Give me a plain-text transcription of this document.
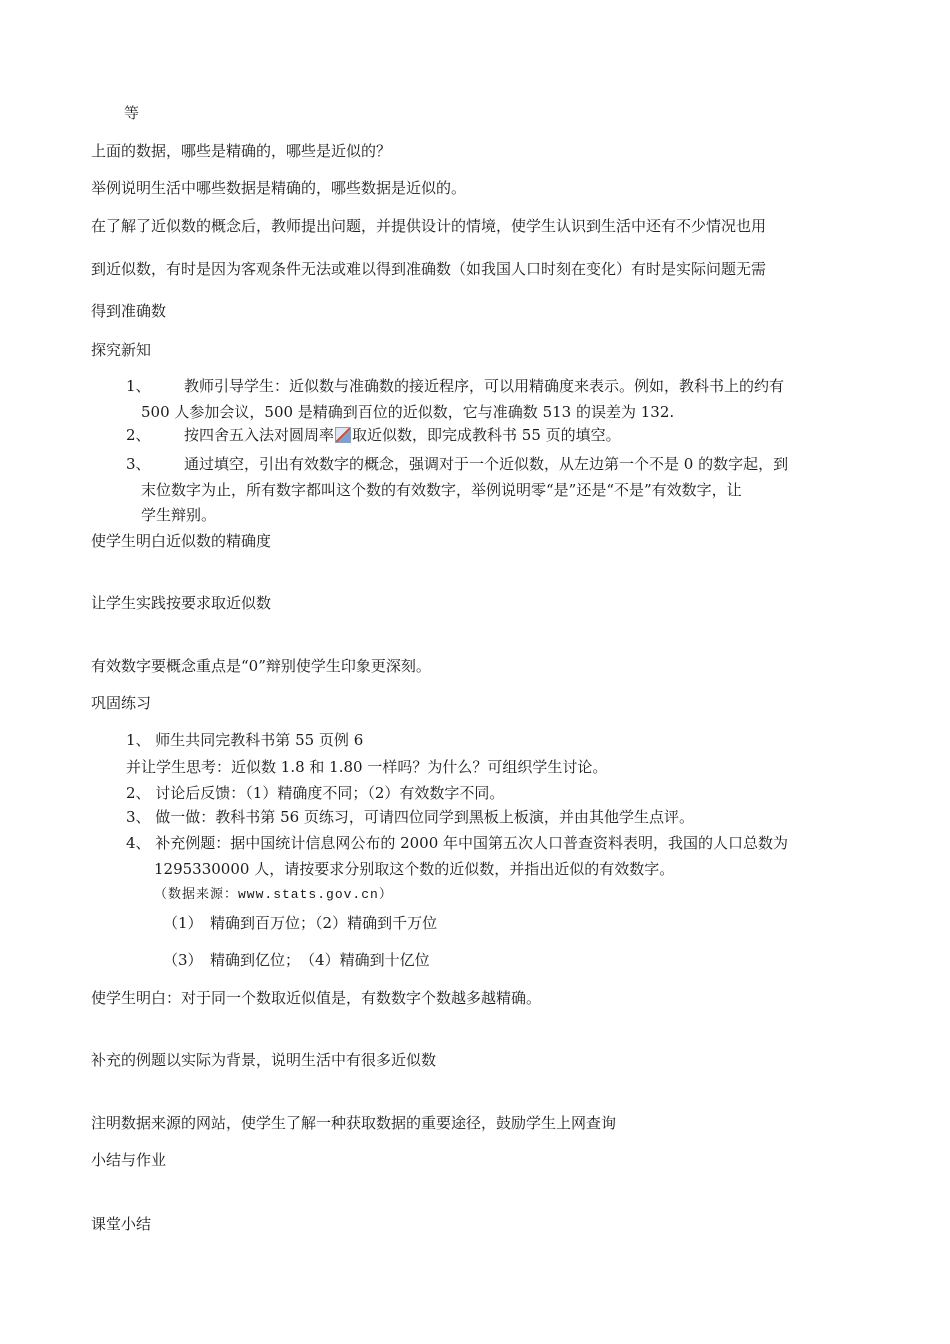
等
上面的数据，哪些是精确的，哪些是近似的？
举例说明生活中哪些数据是精确的，哪些数据是近似的。
在了解了近似数的概念后，教师提出问题，并提供设计的情境，使学生认识到生活中还有不少情况也用
到近似数，有时是因为客观条件无法或难以得到准确数（如我国人口时刻在变化）有时是实际问题无需
得到准确数
探究新知
1、 教师引导学生：近似数与准确数的接近程序，可以用精确度来表示。例如，教科书上的约有
500 人参加会议，500 是精确到百位的近似数，它与准确数 513 的误差为 132.
2、 按四舍五入法对圆周率 取近似数，即完成教科书 55 页的填空。
3、 通过填空，引出有效数字的概念，强调对于一个近似数，从左边第一个不是 0 的数字起，到
末位数字为止，所有数字都叫这个数的有效数字，举例说明零“是”还是“不是”有效数字，让
学生辩别。
使学生明白近似数的精确度
让学生实践按要求取近似数
有效数字要概念重点是“0”辩别使学生印象更深刻。
巩固练习
1、 师生共同完教科书第 55 页例 6
并让学生思考：近似数 1.8 和 1.80 一样吗？为什么？可组织学生讨论。
2、 讨论后反馈：（1）精确度不同；（2）有效数字不同。
3、 做一做：教科书第 56 页练习，可请四位同学到黑板上板演，并由其他学生点评。
4、 补充例题：据中国统计信息网公布的 2000 年中国第五次人口普查资料表明，我国的人口总数为
1295330000 人，请按要求分别取这个数的近似数，并指出近似的有效数字。
（数据来源：www.stats.gov.cn）
（1）　精确到百万位；（2）精确到千万位
（3）　精确到亿位；　（4）精确到十亿位
使学生明白：对于同一个数取近似值是，有数数字个数越多越精确。
补充的例题以实际为背景，说明生活中有很多近似数
注明数据来源的网站，使学生了解一种获取数据的重要途径，鼓励学生上网查询
小结与作业
课堂小结
